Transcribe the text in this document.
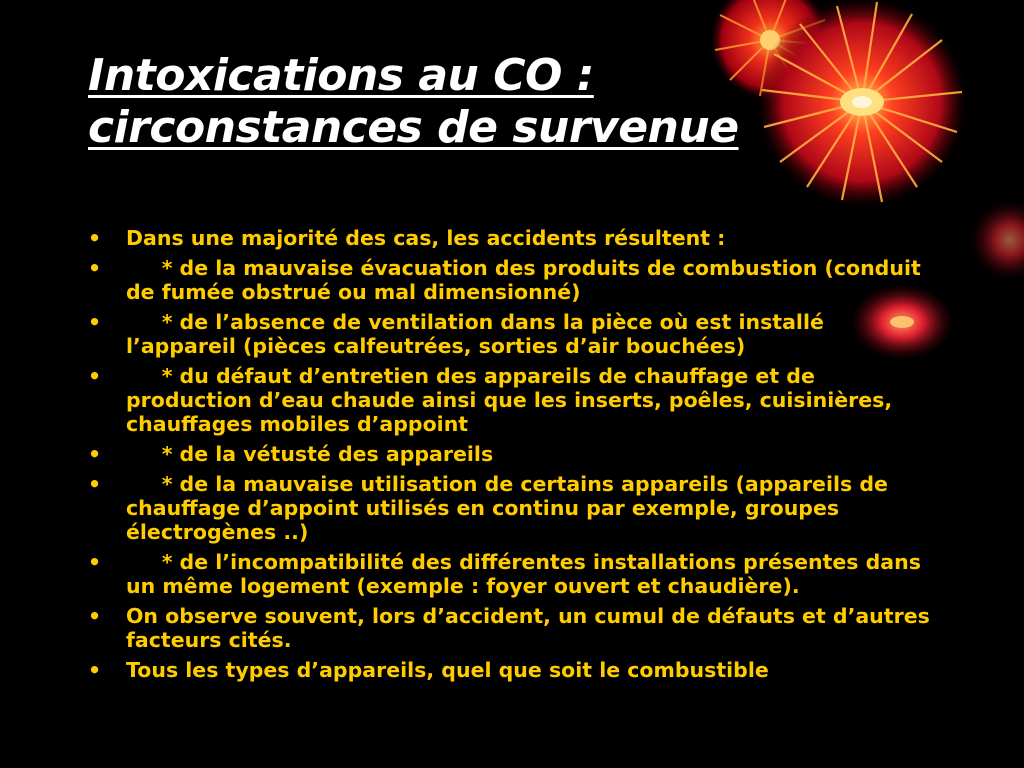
Intoxications au CO :
circonstances de survenue
•	Dans une majorité des cas, les accidents résultent :
•	* de la mauvaise évacuation des produits de combustion (conduit de fumée obstrué ou mal dimensionné)
•	* de l’absence de ventilation dans la pièce où est installé l’appareil (pièces calfeutrées, sorties d’air bouchées)
•	* du défaut d’entretien des appareils de chauffage et de production d’eau chaude ainsi que les inserts, poêles, cuisinières, chauffages mobiles d’appoint
•	* de la vétusté des appareils
•	* de la mauvaise utilisation de certains appareils (appareils de chauffage d’appoint utilisés en continu par exemple, groupes électrogènes ..)
•	* de l’incompatibilité des différentes installations présentes dans un même logement (exemple : foyer ouvert et chaudière).
•	On observe souvent, lors d’accident, un cumul de défauts et d’autres facteurs cités.
•	Tous les types d’appareils, quel que soit le combustible
